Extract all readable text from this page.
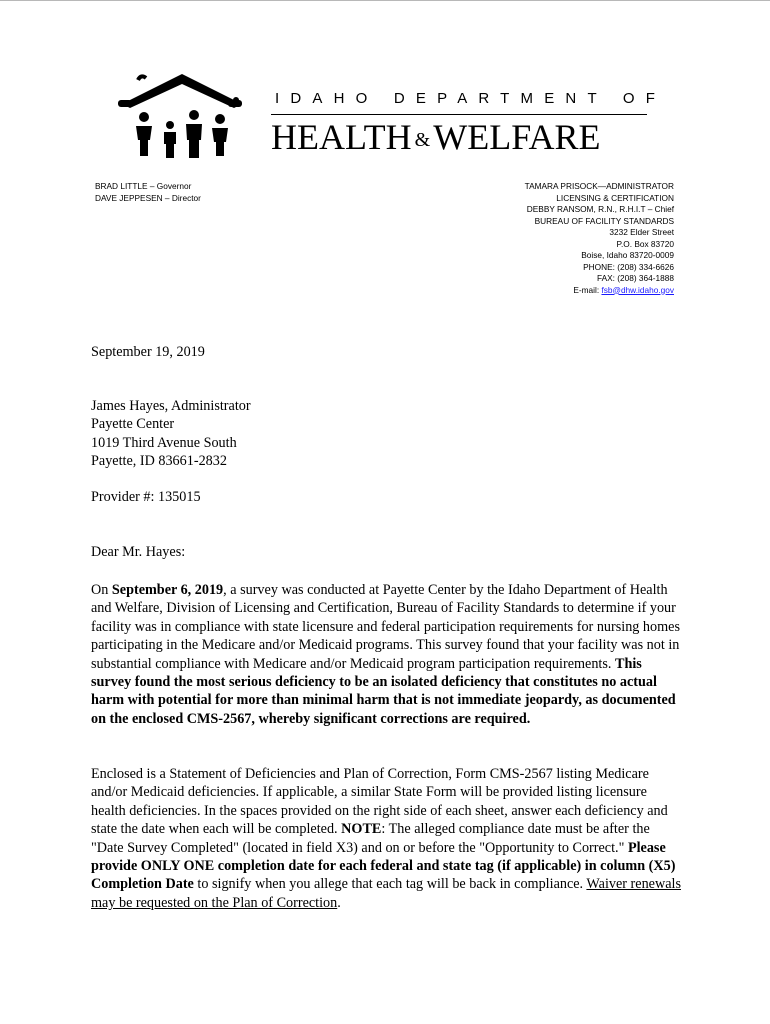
IDAHO DEPARTMENT OF
HEALTH &WELFARE
BRAD LITTLE – Governor
DAVE JEPPESEN – Director
TAMARA PRISOCK—ADMINISTRATOR
LICENSING & CERTIFICATION
DEBBY RANSOM, R.N., R.H.I.T – Chief
BUREAU OF FACILITY STANDARDS
3232 Elder Street
P.O. Box 83720
Boise, Idaho 83720-0009
PHONE: (208) 334-6626
FAX: (208) 364-1888
E-mail: fsb@dhw.idaho.gov
September 19, 2019
James Hayes, Administrator
Payette Center
1019 Third Avenue South
Payette, ID 83661-2832
Provider #: 135015
Dear Mr. Hayes:
On September 6, 2019, a survey was conducted at Payette Center by the Idaho Department of Health and Welfare, Division of Licensing and Certification, Bureau of Facility Standards to determine if your facility was in compliance with state licensure and federal participation requirements for nursing homes participating in the Medicare and/or Medicaid programs. This survey found that your facility was not in substantial compliance with Medicare and/or Medicaid program participation requirements. This survey found the most serious deficiency to be an isolated deficiency that constitutes no actual harm with potential for more than minimal harm that is not immediate jeopardy, as documented on the enclosed CMS-2567, whereby significant corrections are required.
Enclosed is a Statement of Deficiencies and Plan of Correction, Form CMS-2567 listing Medicare and/or Medicaid deficiencies. If applicable, a similar State Form will be provided listing licensure health deficiencies. In the spaces provided on the right side of each sheet, answer each deficiency and state the date when each will be completed. NOTE: The alleged compliance date must be after the "Date Survey Completed" (located in field X3) and on or before the "Opportunity to Correct." Please provide ONLY ONE completion date for each federal and state tag (if applicable) in column (X5) Completion Date to signify when you allege that each tag will be back in compliance. Waiver renewals may be requested on the Plan of Correction.
